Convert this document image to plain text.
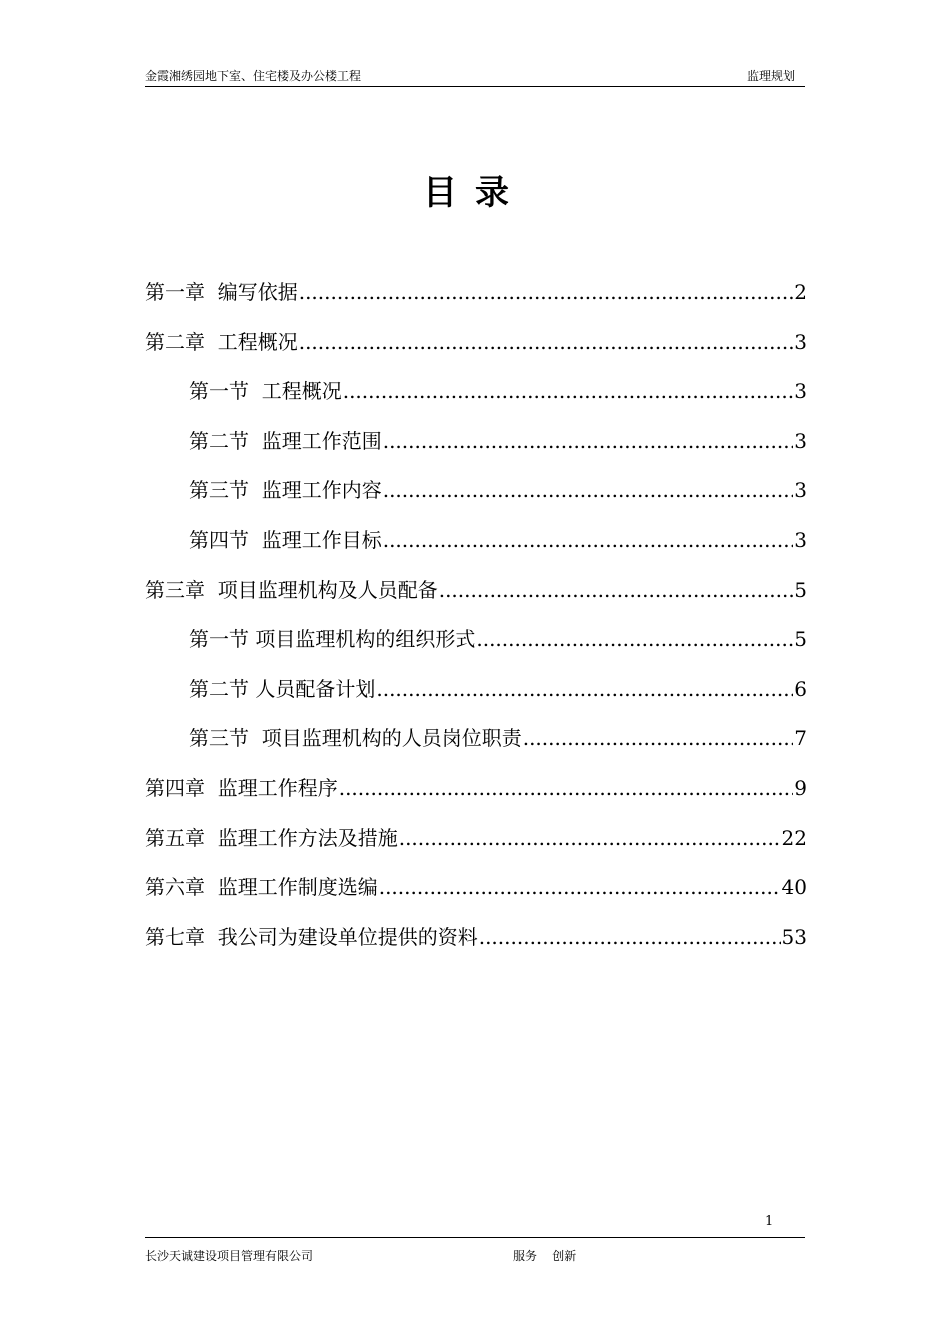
金霞湘绣园地下室、住宅楼及办公楼工程	监理规划
目录
第一章  编写依据 .....	2
第二章  工程概况 .....	3
第一节  工程概况 .....	3
第二节  监理工作范围 .....	3
第三节  监理工作内容 .....	3
第四节  监理工作目标 .....	3
第三章  项目监理机构及人员配备 .....	5
第一节 项目监理机构的组织形式 .....	5
第二节 人员配备计划 .....	6
第三节  项目监理机构的人员岗位职责 .....	7
第四章  监理工作程序 .....	9
第五章  监理工作方法及措施 .....	22
第六章  监理工作制度选编 .....	40
第七章  我公司为建设单位提供的资料 .....	53
1
长沙天诚建设项目管理有限公司	服务    创新
